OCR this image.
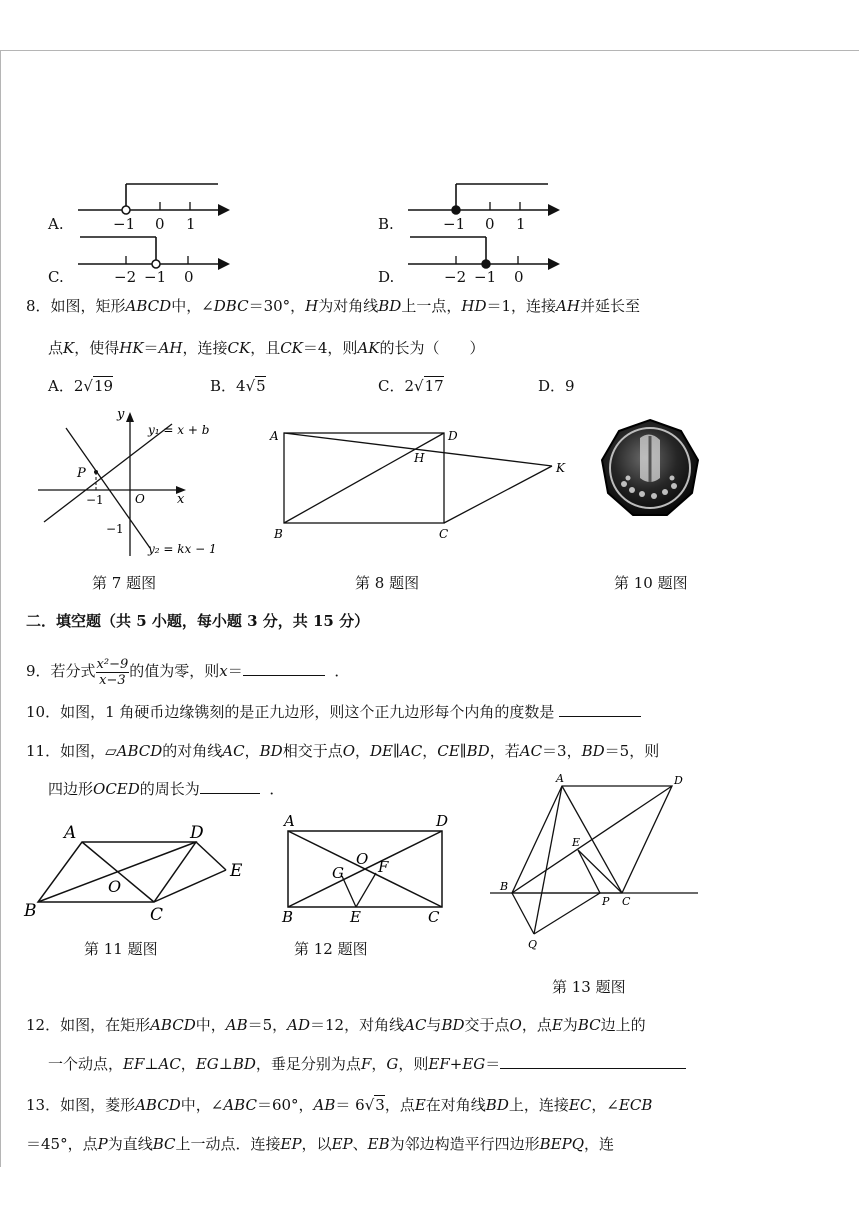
A.	−1 0 1	B.	−1 0 1
C.	−2 −1 0	D.	−2 −1 0
8．如图，矩形ABCD中，∠DBC＝30°，H为对角线BD上一点，HD＝1，连接AH并延长至
点K，使得HK＝AH，连接CK，且CK＝4，则AK的长为（　　）
A．2√19	B．4√5	C．2√17	D．9
y
x
O
P
−1
−1
y₁ = x + b
y₂ = kx − 1
第 7 题图
A	D
B	C
H
K
第 8 题图	第 10 题图
二．填空题（共 5 小题，每小题 3 分，共 15 分）
9．若分式 $\frac{\text{x²−9}}{x-3}$ 的值为零，则x＝	．
10．如图，1 角硬币边缘镌刻的是正九边形，则这个正九边形每个内角的度数是
11．如图，▱ABCD的对角线AC，BD相交于点O，DE∥AC，CE∥BD，若AC＝3，BD＝5，则
四边形OCED的周长为	．
A	D
E
B	C
O
第 11 题图
A	D
B	C
E
G F
O
第 12 题图
A	D
E
B
P C
Q
第 13 题图
12．如图，在矩形ABCD中，AB＝5，AD＝12，对角线AC与BD交于点O，点E为BC边上的
一个动点，EF⊥AC，EG⊥BD，垂足分别为点F，G，则EF+EG＝
13．如图，菱形ABCD中，∠ABC＝60°，AB＝ 6√3，点E在对角线BD上，连接EC，∠ECB
＝45°，点P为直线BC上一动点．连接EP，以EP、EB为邻边构造平行四边形BEPQ，连
